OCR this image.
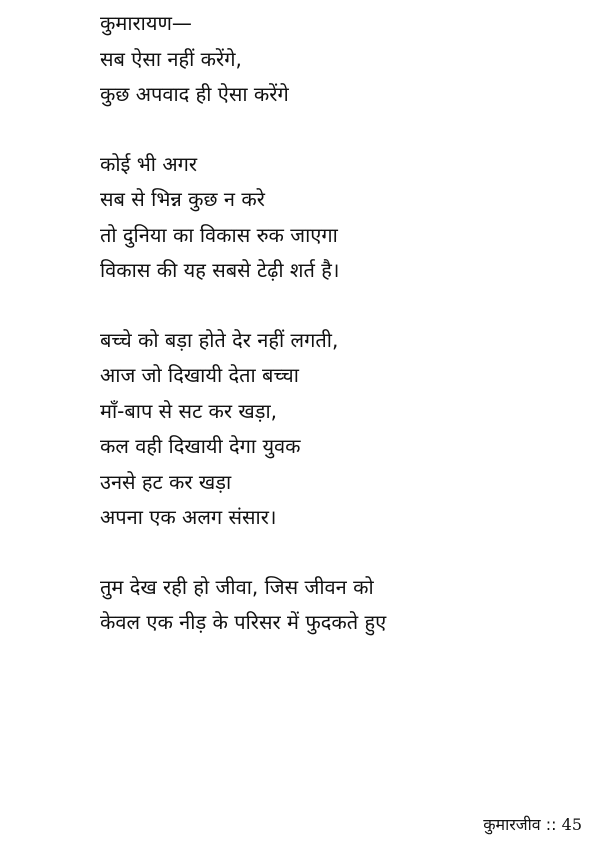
कुमारायण—
सब ऐसा नहीं करेंगे,
कुछ अपवाद ही ऐसा करेंगे
कोई भी अगर
सब से भिन्न कुछ न करे
तो दुनिया का विकास रुक जाएगा
विकास की यह सबसे टेढ़ी शर्त है।
बच्चे को बड़ा होते देर नहीं लगती,
आज जो दिखायी देता बच्चा
माँ-बाप से सट कर खड़ा,
कल वही दिखायी देगा युवक
उनसे हट कर खड़ा
अपना एक अलग संसार।
तुम देख रही हो जीवा, जिस जीवन को
केवल एक नीड़ के परिसर में फुदकते हुए
कुमारजीव :: 45
